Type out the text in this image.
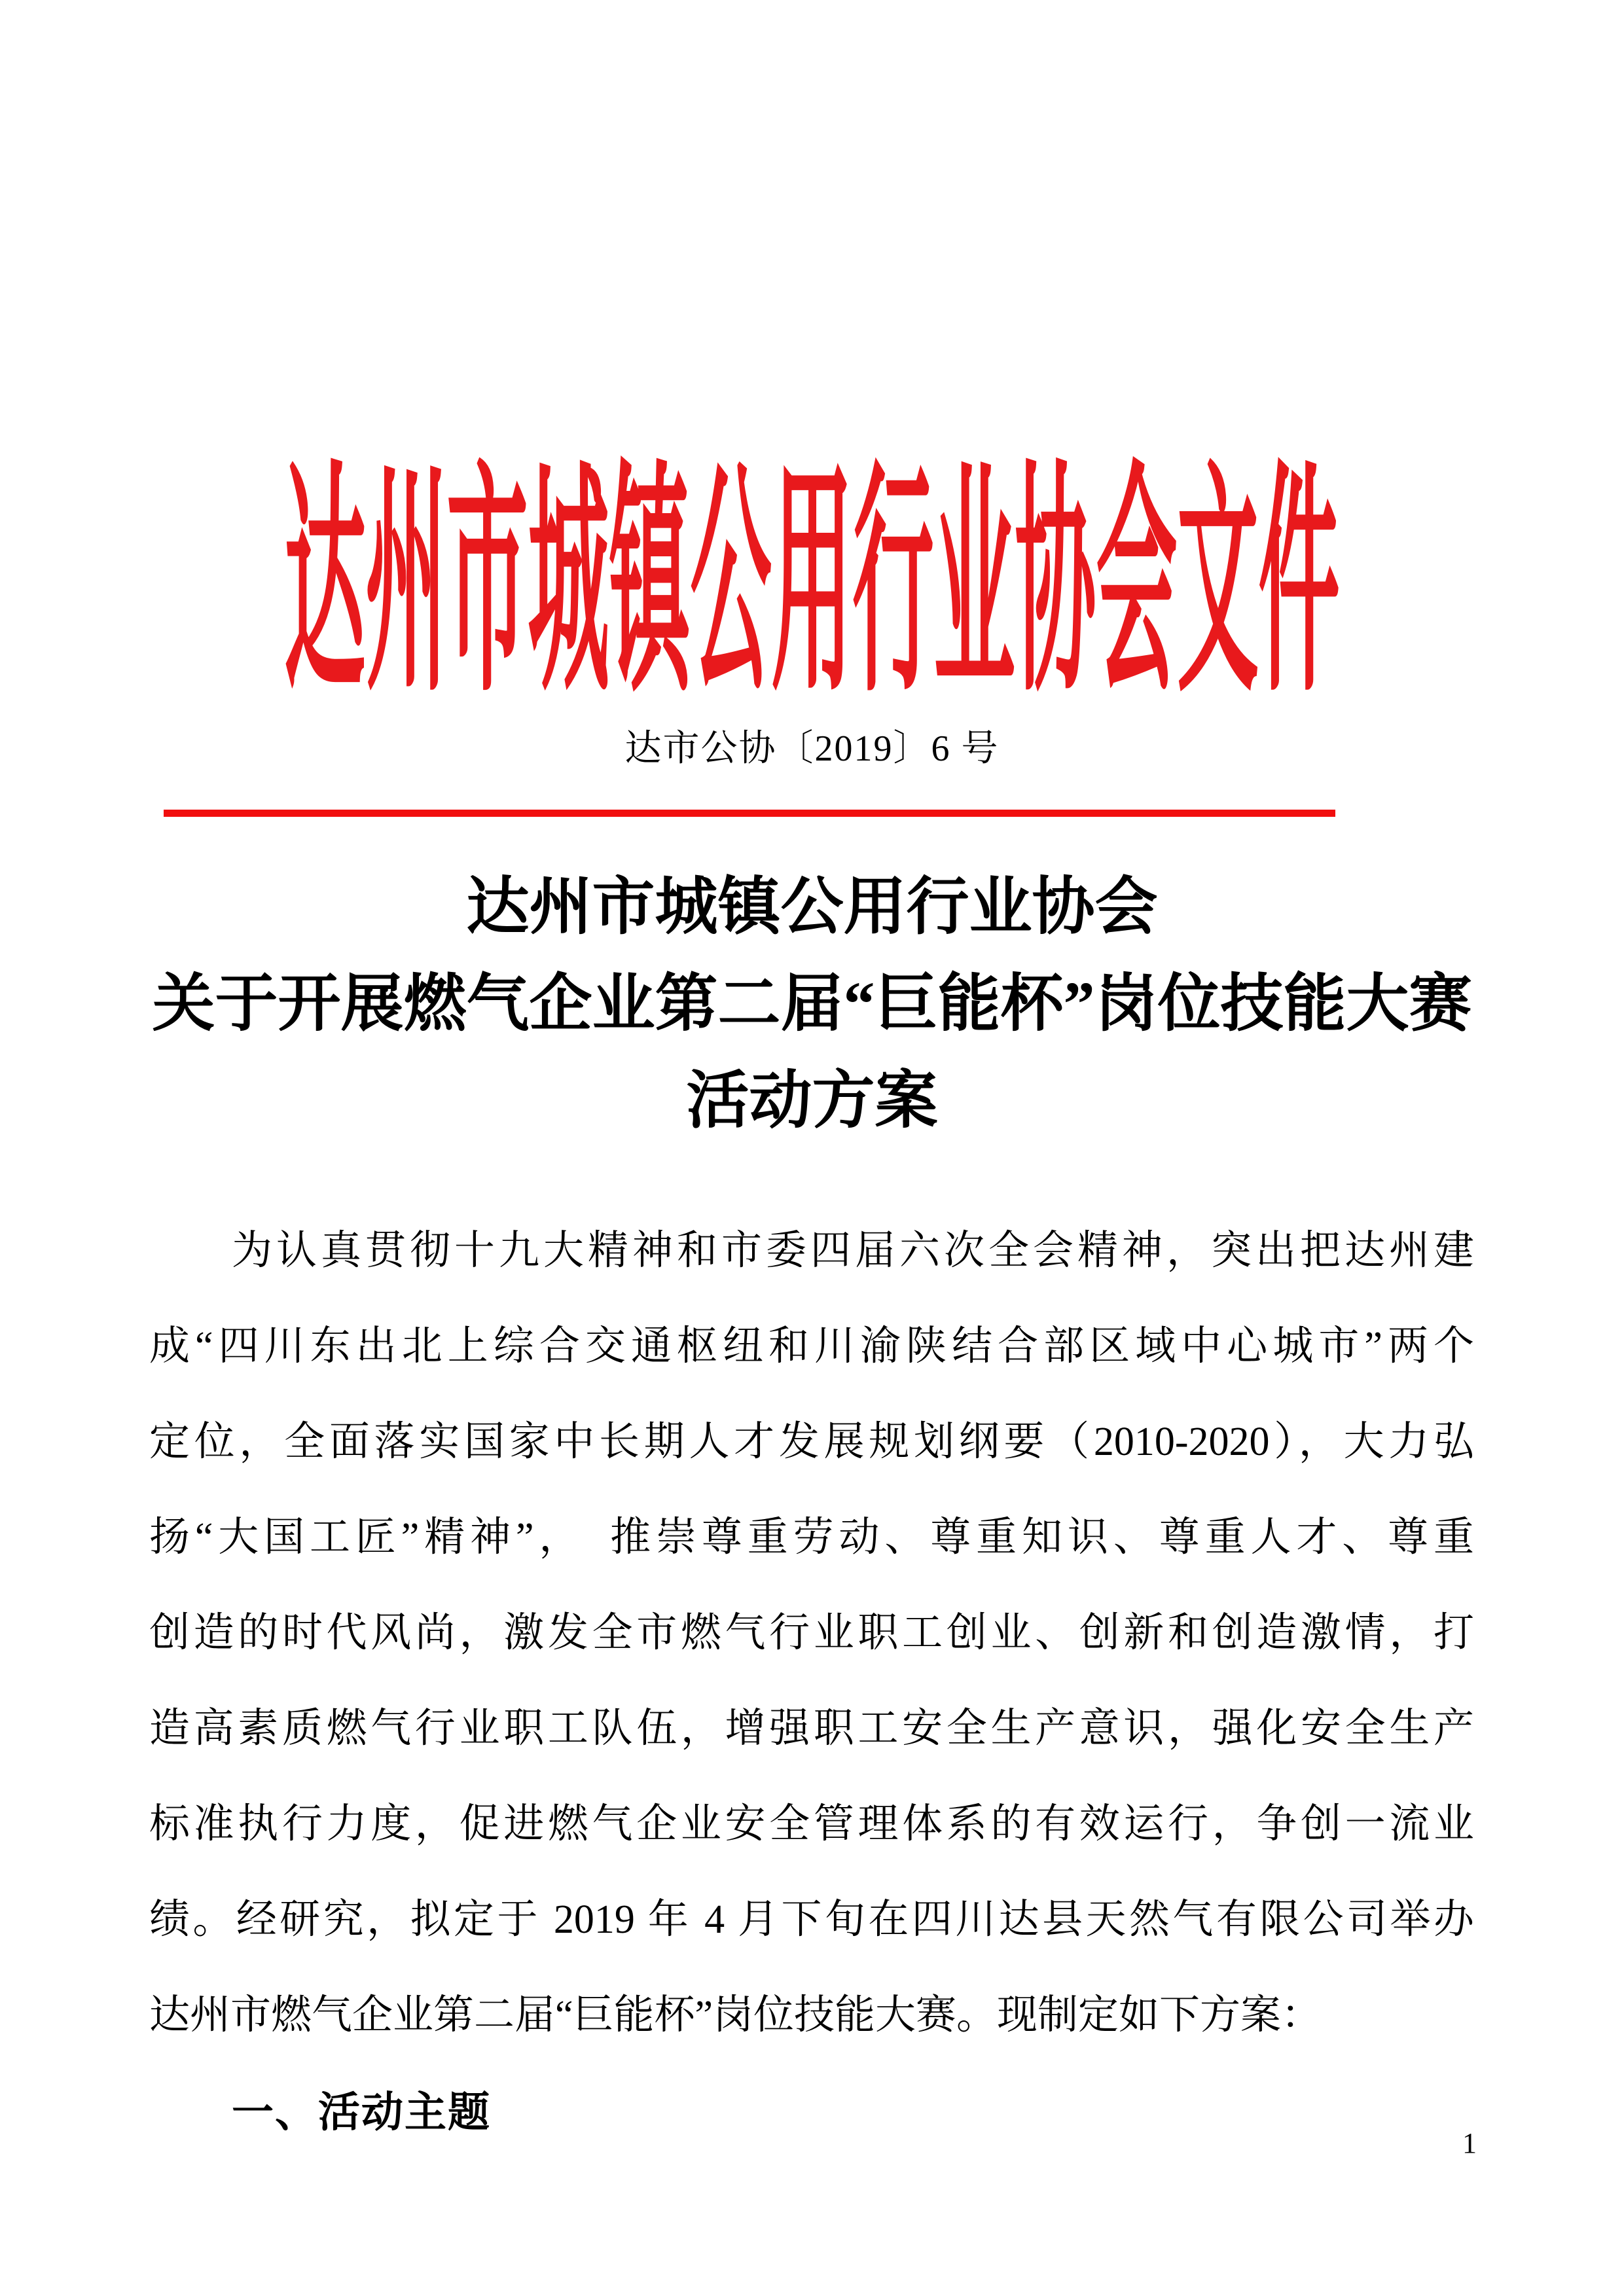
达州市城镇公用行业协会文件
达市公协〔2019〕6 号
达州市城镇公用行业协会
关于开展燃气企业第二届“巨能杯”岗位技能大赛
活动方案
为认真贯彻十九大精神和市委四届六次全会精神，突出把达州建
成“四川东出北上综合交通枢纽和川渝陕结合部区域中心城市”两个
定位，全面落实国家中长期人才发展规划纲要（2010-2020），大力弘
扬“大国工匠”精神”，　推崇尊重劳动、尊重知识、尊重人才、尊重
创造的时代风尚，激发全市燃气行业职工创业、创新和创造激情，打
造高素质燃气行业职工队伍，增强职工安全生产意识，强化安全生产
标准执行力度，促进燃气企业安全管理体系的有效运行，争创一流业
绩。经研究，拟定于 2019 年 4 月下旬在四川达县天然气有限公司举办
达州市燃气企业第二届“巨能杯”岗位技能大赛。现制定如下方案：
一、活动主题
1
